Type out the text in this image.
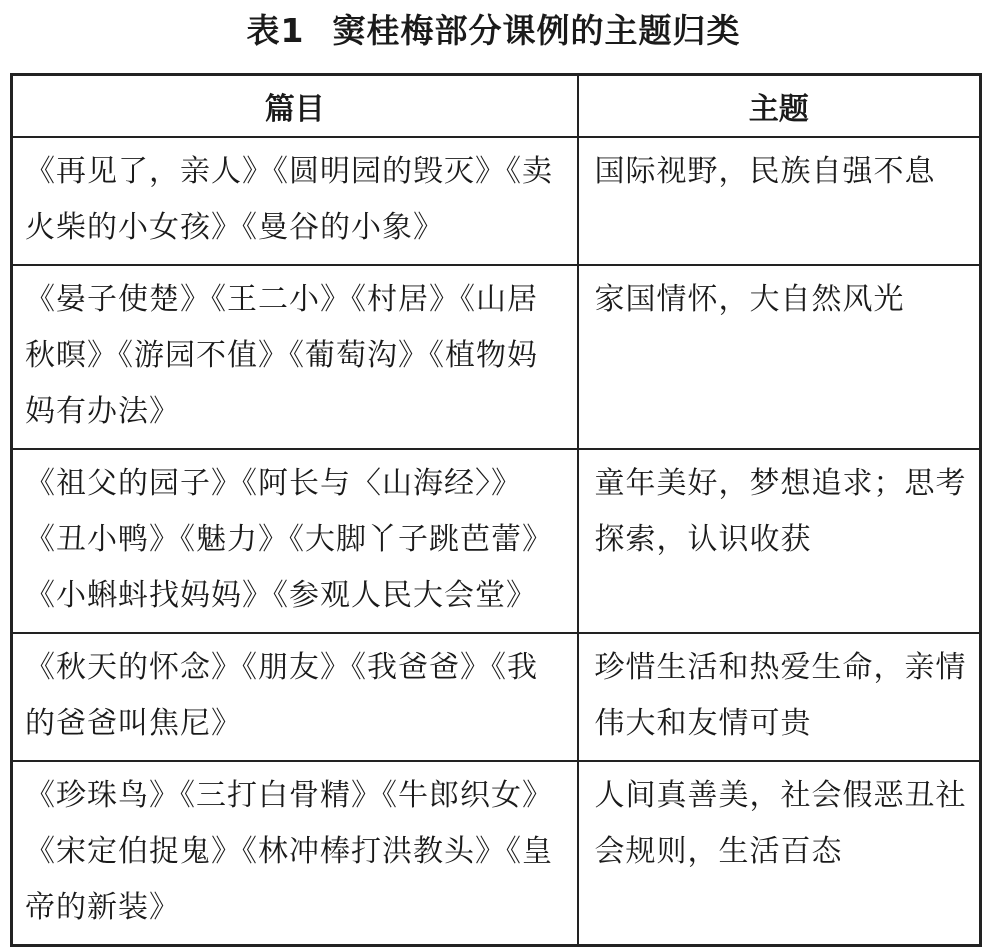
表1 窦桂梅部分课例的主题归类
篇目	主题
《再见了，亲人》《圆明园的毁灭》《卖火柴的小女孩》《曼谷的小象》	国际视野，民族自强不息
《晏子使楚》《王二小》《村居》《山居秋暝》《游园不值》《葡萄沟》《植物妈妈有办法》	家国情怀，大自然风光
《祖父的园子》《阿长与〈山海经〉》《丑小鸭》《魅力》《大脚丫子跳芭蕾》《小蝌蚪找妈妈》《参观人民大会堂》	童年美好，梦想追求；思考探索，认识收获
《秋天的怀念》《朋友》《我爸爸》《我的爸爸叫焦尼》	珍惜生活和热爱生命，亲情伟大和友情可贵
《珍珠鸟》《三打白骨精》《牛郎织女》《宋定伯捉鬼》《林冲棒打洪教头》《皇帝的新装》	人间真善美，社会假恶丑社会规则，生活百态
